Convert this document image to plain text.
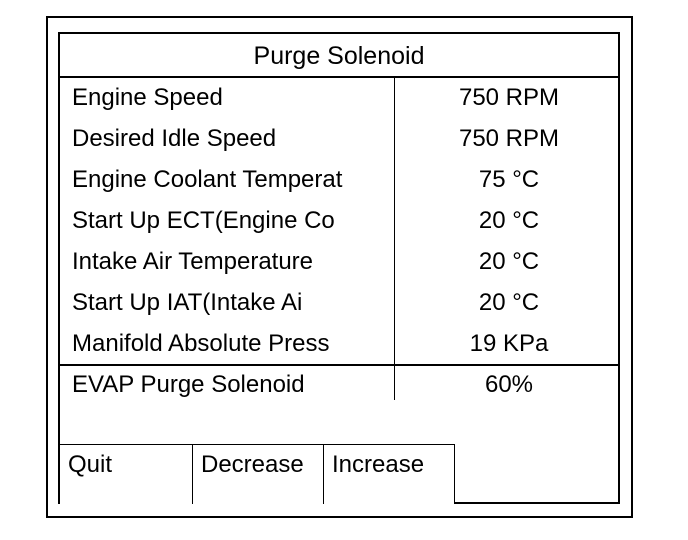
Purge Solenoid
Engine Speed	750 RPM
Desired Idle Speed	750 RPM
Engine Coolant Temperat	75 °C
Start Up ECT(Engine Co	20 °C
Intake Air Temperature	20 °C
Start Up IAT(Intake Ai	20 °C
Manifold Absolute Press	19 KPa
EVAP Purge Solenoid	60%
Quit	Decrease Increase
